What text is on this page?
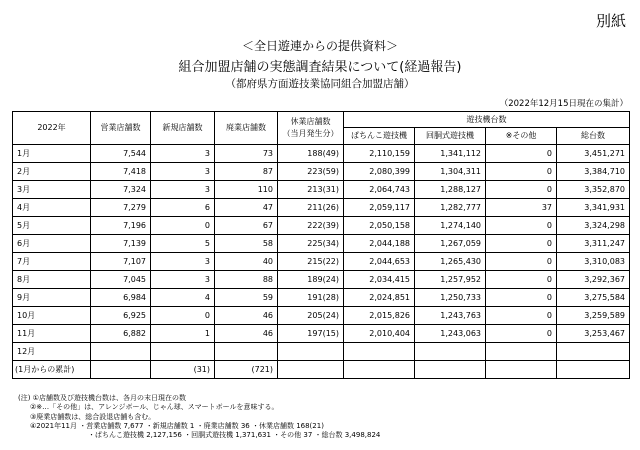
別紙
＜全日遊連からの提供資料＞
組合加盟店舗の実態調査結果について(経過報告)
（都府県方面遊技業協同組合加盟店舗）
（2022年12月15日現在の集計）
2022年	営業店舗数	新規店舗数	廃業店舗数	休業店舗数
（当月発生分）	遊技機台数			
					ぱちんこ遊技機	回胴式遊技機	※その他	総台数
1月	7,544	3	73	188(49)	2,110,159	1,341,112	0	3,451,271
2月	7,418	3	87	223(59)	2,080,399	1,304,311	0	3,384,710
3月	7,324	3	110	213(31)	2,064,743	1,288,127	0	3,352,870
4月	7,279	6	47	211(26)	2,059,117	1,282,777	37	3,341,931
5月	7,196	0	67	222(39)	2,050,158	1,274,140	0	3,324,298
6月	7,139	5	58	225(34)	2,044,188	1,267,059	0	3,311,247
7月	7,107	3	40	215(22)	2,044,653	1,265,430	0	3,310,083
8月	7,045	3	88	189(24)	2,034,415	1,257,952	0	3,292,367
9月	6,984	4	59	191(28)	2,024,851	1,250,733	0	3,275,584
10月	6,925	0	46	205(24)	2,015,826	1,243,763	0	3,259,589
11月	6,882	1	46	197(15)	2,010,404	1,243,063	0	3,253,467
12月								
(1月からの累計)		(31)	(721)					
(注) ①店舗数及び遊技機台数は、各月の末日現在の数
②※…「その他」は、アレンジボール、じゃん球、スマートボールを意味する。
③廃業店舗数は、総合設退店舗も含む。
④2021年11月 ・営業店舗数 7,677 ・新規店舗数 1 ・廃業店舗数 36 ・休業店舗数 168(21)
・ぱちんこ遊技機 2,127,156 ・回胴式遊技機 1,371,631 ・その他 37 ・総台数 3,498,824
